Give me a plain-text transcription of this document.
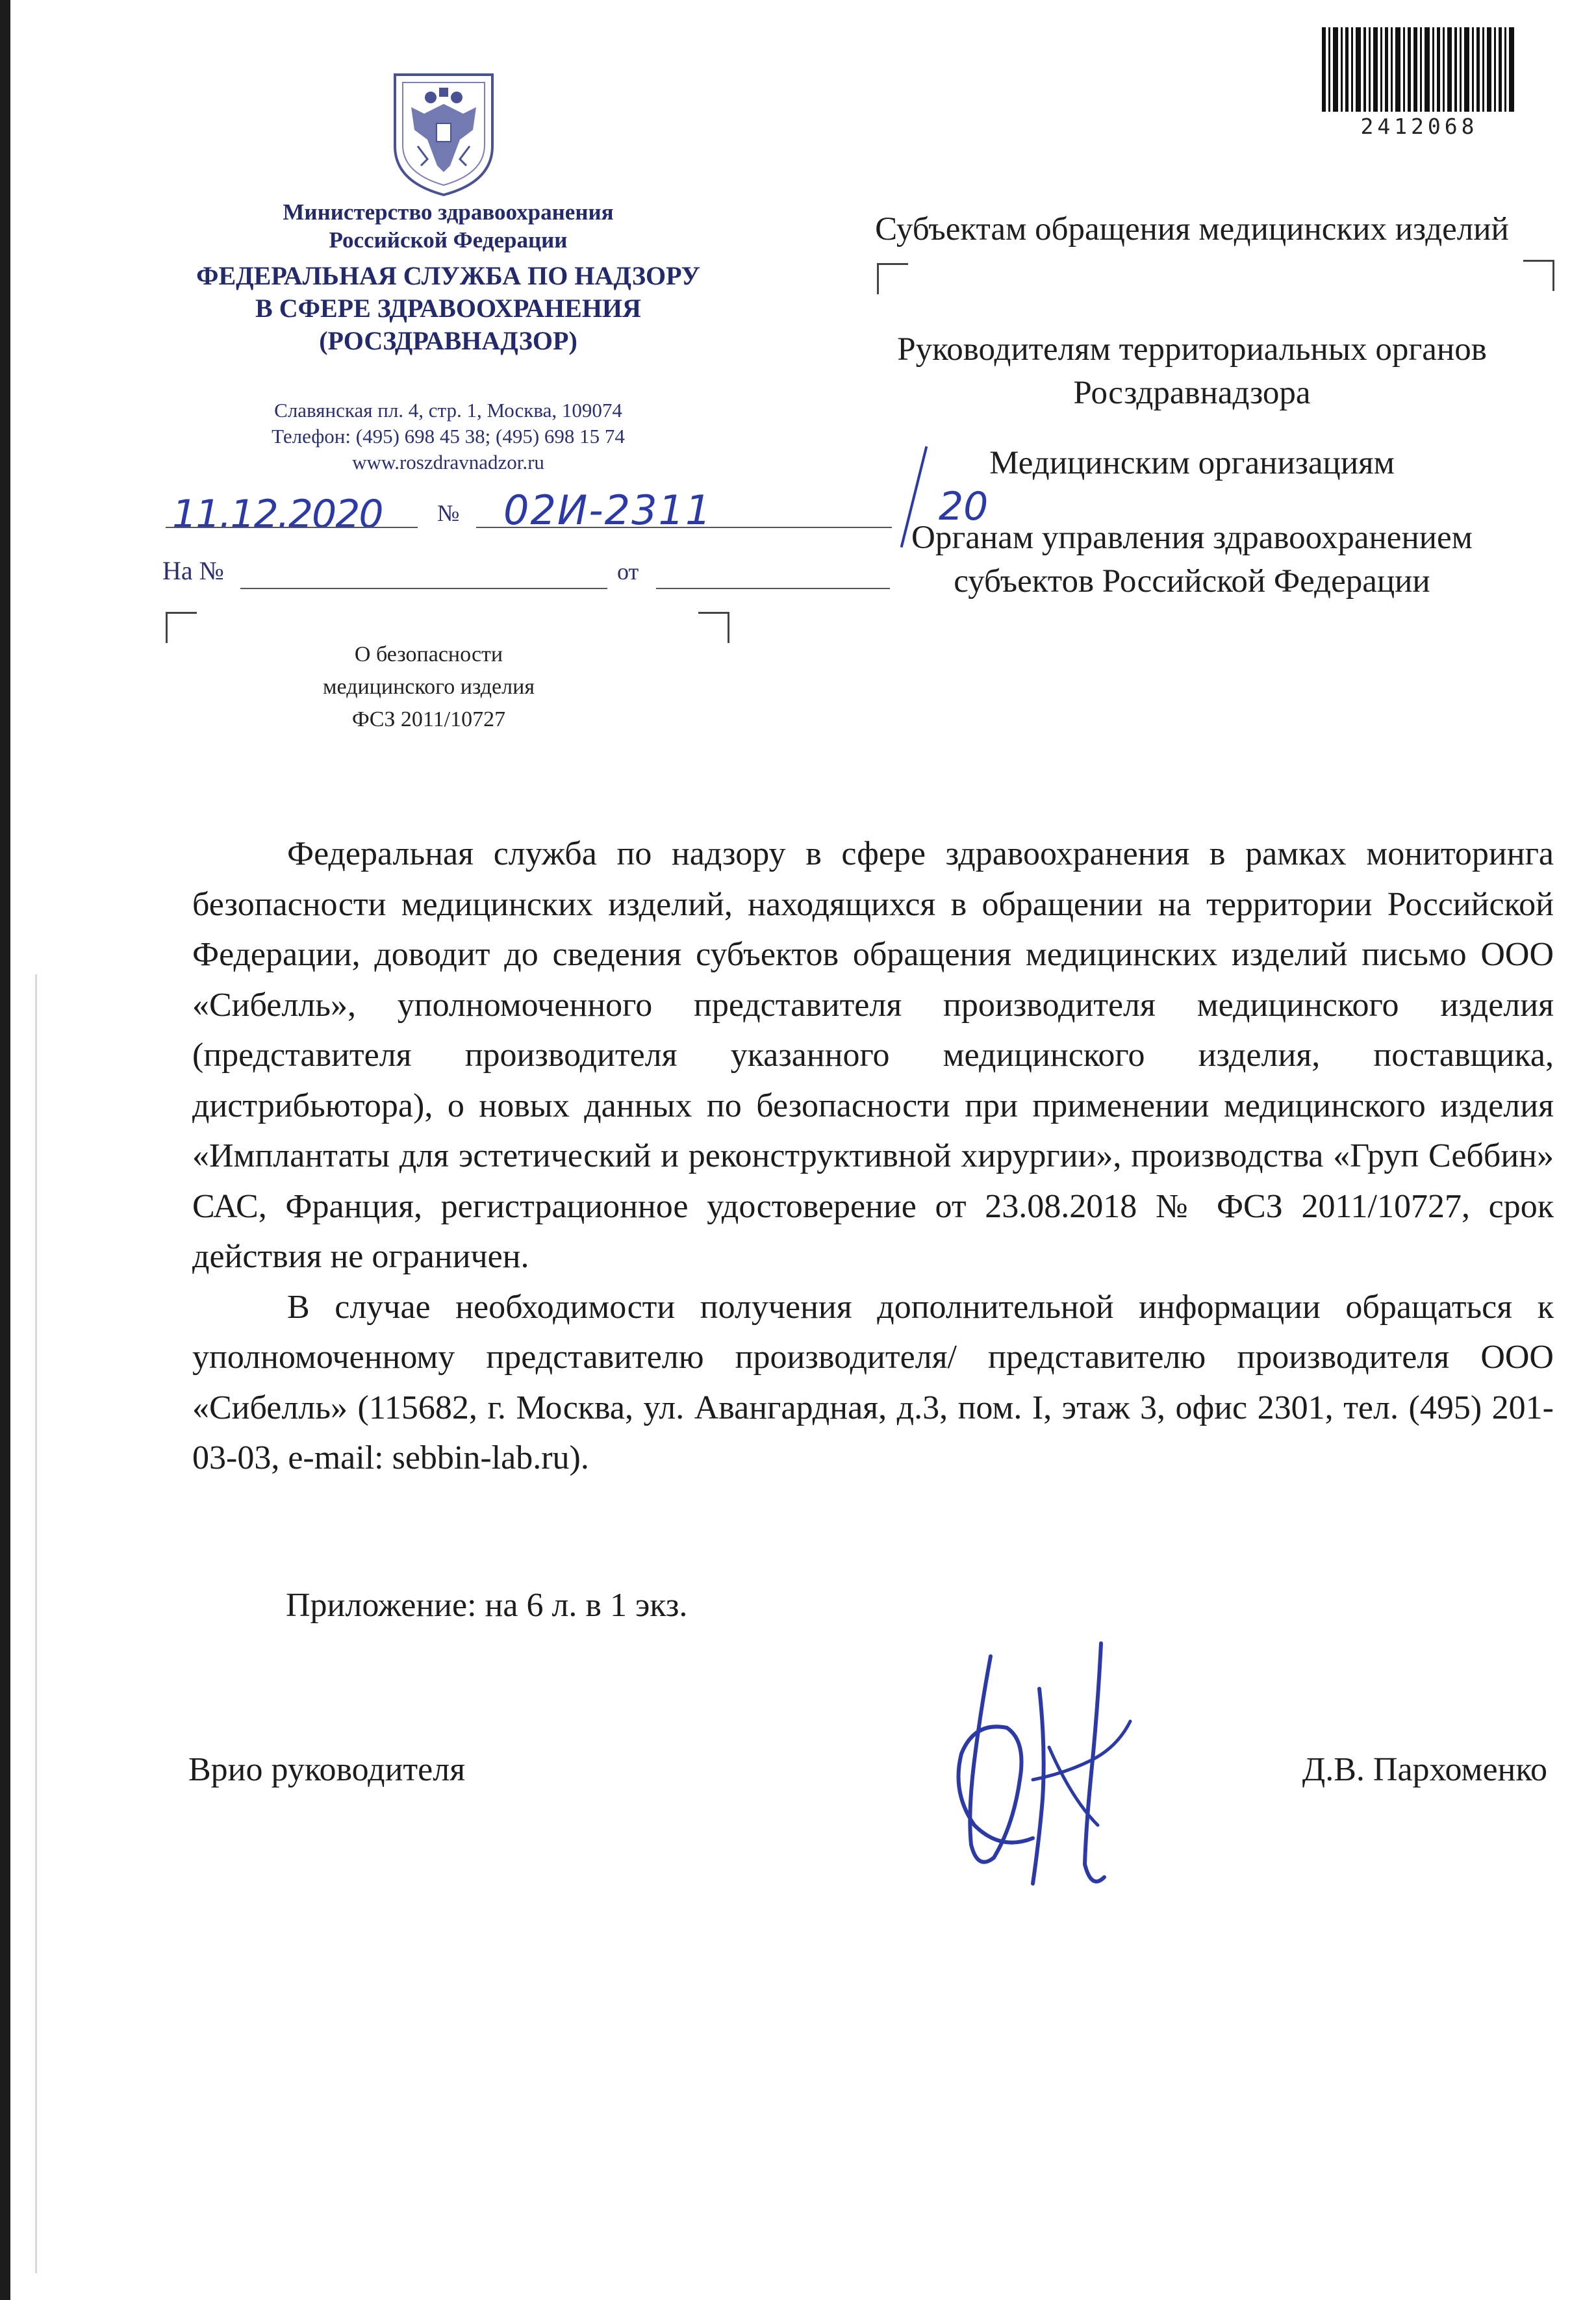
Министерство здравоохранения
Российской Федерации
ФЕДЕРАЛЬНАЯ СЛУЖБА ПО НАДЗОРУ
В СФЕРЕ ЗДРАВООХРАНЕНИЯ
(РОСЗДРАВНАДЗОР)
Славянская пл. 4, стр. 1, Москва, 109074
Телефон: (495) 698 45 38; (495) 698 15 74
www.roszdravnadzor.ru
11.12.2020 № 02И-2311	20
На №	от
О безопасности
медицинского изделия
ФСЗ 2011/10727
2412068
Субъектам обращения медицинских изделий
Руководителям территориальных органов Росздравнадзора
Медицинским организациям
Органам управления здравоохранением субъектов Российской Федерации

Федеральная служба по надзору в сфере здравоохранения в рамках мониторинга безопасности медицинских изделий, находящихся в обращении на территории Российской Федерации, доводит до сведения субъектов обращения медицинских изделий письмо ООО «Сибелль», уполномоченного представителя производителя медицинского изделия (представителя производителя указанного медицинского изделия, поставщика, дистрибьютора), о новых данных по безопасности при применении медицинского изделия «Имплантаты для эстетический и реконструктивной хирургии», производства «Груп Себбин» САС, Франция, регистрационное удостоверение от 23.08.2018 № ФСЗ 2011/10727, срок действия не ограничен.

В случае необходимости получения дополнительной информации обращаться к уполномоченному представителю производителя/ представителю производителя ООО «Сибелль» (115682, г. Москва, ул. Авангардная, д.3, пом. I, этаж 3, офис 2301, тел. (495) 201-03-03, e-mail: sebbin-lab.ru).

Приложение: на 6 л. в 1 экз.
Врио руководителя	Д.В. Пархоменко
